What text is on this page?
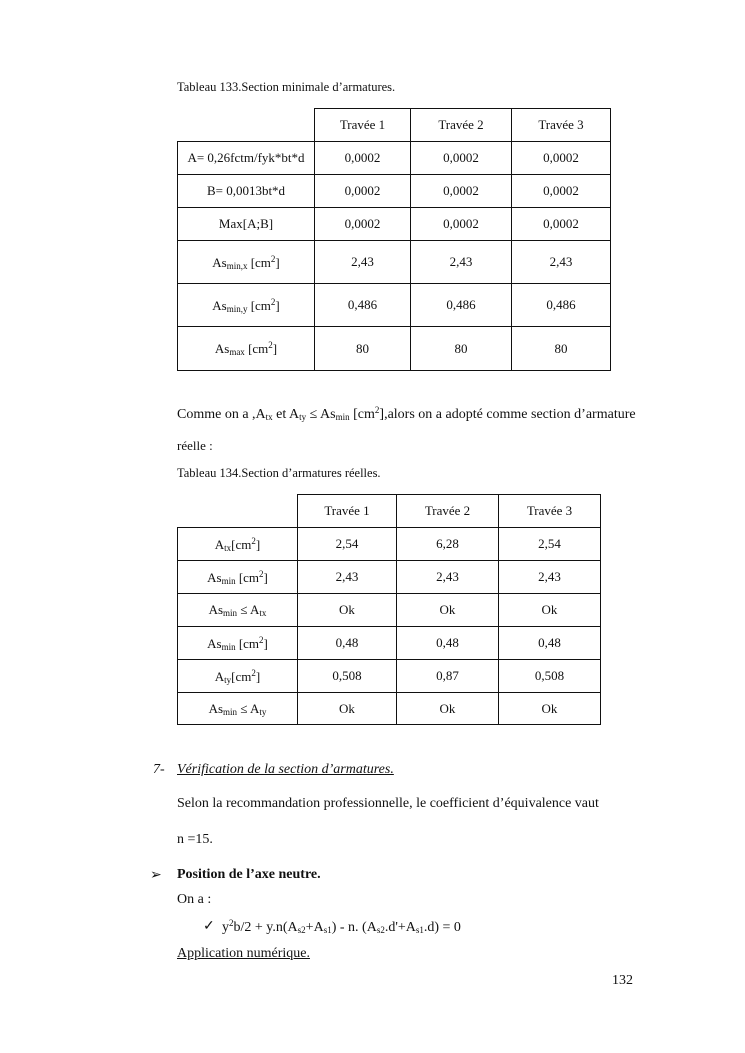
Tableau 133.Section minimale d’armatures.
	Travée 1	Travée 2	Travée 3
A= 0,26fctm/fyk*bt*d	0,0002	0,0002	0,0002
B= 0,0013bt*d	0,0002	0,0002	0,0002
Max[A;B]	0,0002	0,0002	0,0002
$As_{min,x}$ $[cm^2]$	2,43	2,43	2,43
$As_{min,y}$ $[cm^2]$	0,486	0,486	0,486
$As_{max}$ $[cm^2]$	80	80	80
Comme on a $,A_{tx}$ et $A_{ty} \le As_{min}$ $[cm^2],alors$ on a adopté comme section d’armature
réelle :
Tableau 134.Section d’armatures réelles.
	Travée 1	Travée 2	Travée 3
$A_{tx}[cm^2]$	2,54	6,28	2,54
$As_{min}$ $[cm^2]$	2,43	2,43	2,43
$As_{min} \le A_{tx}$	Ok	Ok	Ok
$As_{min}$ $[cm^2]$	0,48	0,48	0,48
$A_{ty}[cm^2]$	0,508	0,87	0,508
$As_{min} \le A_{ty}$	Ok	Ok	Ok
7- Vérification de la section d’armatures.
Selon la recommandation professionnelle, le coefficient d’équivalence vaut
n =15.
➢ Position de l’axe neutre.
On a :
✓ $y^2b/2 + y.n(A_{s2}+A_{s1}) - n$. $(A_{s2}.d'+A_{s1}.d) = 0$
Application numérique.
132
